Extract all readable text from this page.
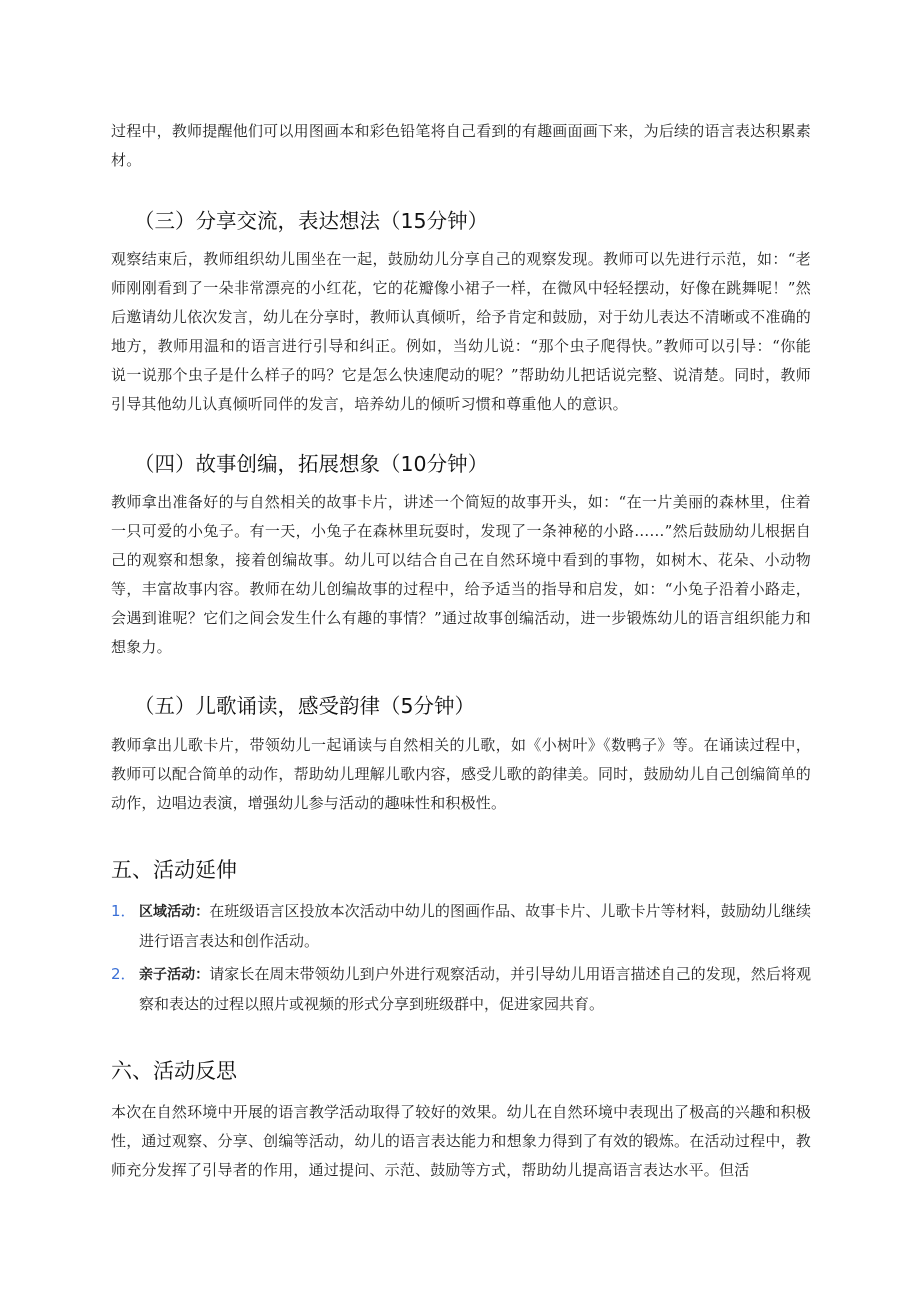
过程中，教师提醒他们可以用图画本和彩色铅笔将自己看到的有趣画面画下来，为后续的语言表达积累素材。
（三）分享交流，表达想法（15分钟）
观察结束后，教师组织幼儿围坐在一起，鼓励幼儿分享自己的观察发现。教师可以先进行示范，如：“老师刚刚看到了一朵非常漂亮的小红花，它的花瓣像小裙子一样，在微风中轻轻摆动，好像在跳舞呢！”然后邀请幼儿依次发言，幼儿在分享时，教师认真倾听，给予肯定和鼓励，对于幼儿表达不清晰或不准确的地方，教师用温和的语言进行引导和纠正。例如，当幼儿说：“那个虫子爬得快。”教师可以引导：“你能说一说那个虫子是什么样子的吗？它是怎么快速爬动的呢？”帮助幼儿把话说完整、说清楚。同时，教师引导其他幼儿认真倾听同伴的发言，培养幼儿的倾听习惯和尊重他人的意识。
（四）故事创编，拓展想象（10分钟）
教师拿出准备好的与自然相关的故事卡片，讲述一个简短的故事开头，如：“在一片美丽的森林里，住着一只可爱的小兔子。有一天，小兔子在森林里玩耍时，发现了一条神秘的小路……”然后鼓励幼儿根据自己的观察和想象，接着创编故事。幼儿可以结合自己在自然环境中看到的事物，如树木、花朵、小动物等，丰富故事内容。教师在幼儿创编故事的过程中，给予适当的指导和启发，如：“小兔子沿着小路走，会遇到谁呢？它们之间会发生什么有趣的事情？”通过故事创编活动，进一步锻炼幼儿的语言组织能力和想象力。
（五）儿歌诵读，感受韵律（5分钟）
教师拿出儿歌卡片，带领幼儿一起诵读与自然相关的儿歌，如《小树叶》《数鸭子》等。在诵读过程中，教师可以配合简单的动作，帮助幼儿理解儿歌内容，感受儿歌的韵律美。同时，鼓励幼儿自己创编简单的动作，边唱边表演，增强幼儿参与活动的趣味性和积极性。
五、活动延伸
1． 区域活动：在班级语言区投放本次活动中幼儿的图画作品、故事卡片、儿歌卡片等材料，鼓励幼儿继续进行语言表达和创作活动。
2． 亲子活动：请家长在周末带领幼儿到户外进行观察活动，并引导幼儿用语言描述自己的发现，然后将观察和表达的过程以照片或视频的形式分享到班级群中，促进家园共育。
六、活动反思
本次在自然环境中开展的语言教学活动取得了较好的效果。幼儿在自然环境中表现出了极高的兴趣和积极性，通过观察、分享、创编等活动，幼儿的语言表达能力和想象力得到了有效的锻炼。在活动过程中，教师充分发挥了引导者的作用，通过提问、示范、鼓励等方式，帮助幼儿提高语言表达水平。但活
